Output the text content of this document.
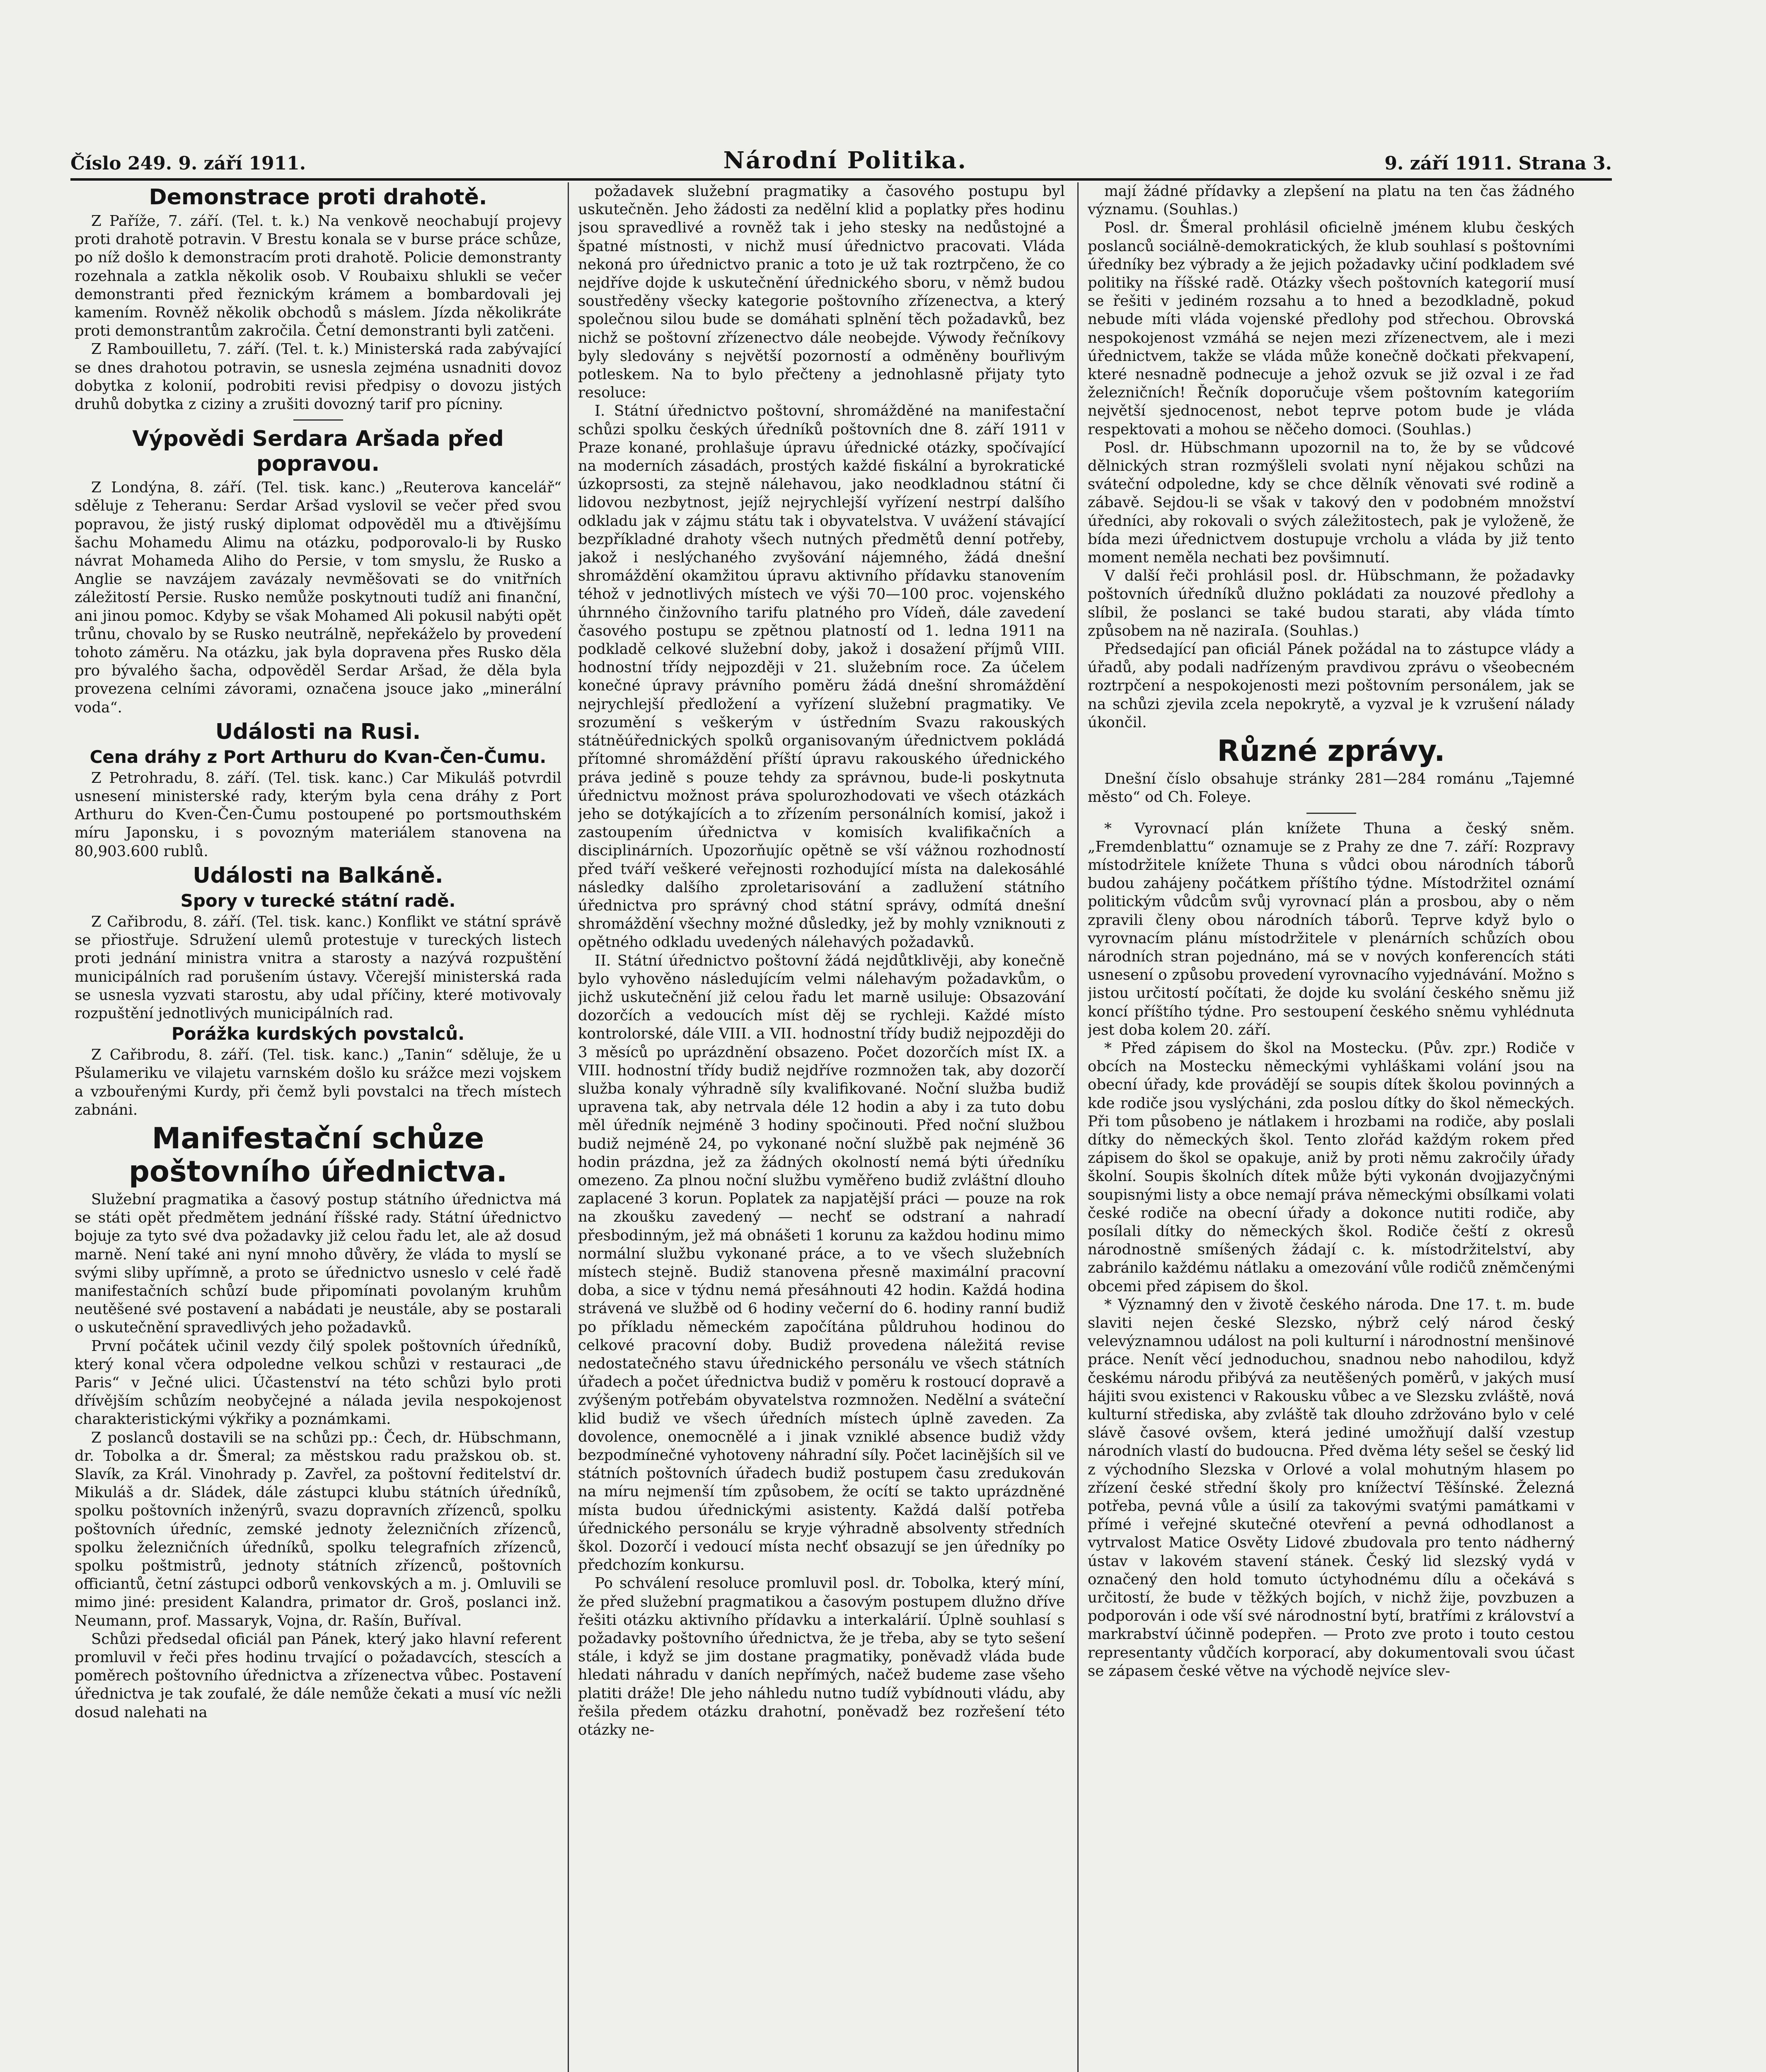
Číslo 249. 9. září 1911.	Národní Politika.	9. září 1911. Strana 3.
Demonstrace proti drahotě.

Z Paříže, 7. září. (Tel. t. k.) Na venkově neochabují projevy proti drahotě potravin. V Brestu konala se v burse práce schůze, po níž došlo k demonstracím proti drahotě. Policie demonstranty rozehnala a zatkla několik osob. V Roubaixu shlukli se večer demonstranti před řeznickým krámem a bombardovali jej kamením. Rovněž několik obchodů s máslem. Jízda několikráte proti demonstrantům zakročila. Četní demonstranti byli zatčeni.

Z Rambouilletu, 7. září. (Tel. t. k.) Ministerská rada zabývající se dnes drahotou potravin, se usnesla zejména usnadniti dovoz dobytka z kolonií, podrobiti revisi předpisy o dovozu jistých druhů dobytka z ciziny a zrušiti dovozný tarif pro pícniny.

Výpovědi Serdara Aršada před popravou.

Z Londýna, 8. září. (Tel. tisk. kanc.) „Reuterova kancelář“ sděluje z Teheranu: Serdar Aršad vyslovil se večer před svou popravou, že jistý ruský diplomat odpověděl mu a ďtivějšímu šachu Mohamedu Alimu na otázku, podporovalo-li by Rusko návrat Mohameda Aliho do Persie, v tom smyslu, že Rusko a Anglie se navzájem zavázaly nevměšovati se do vnitřních záležitostí Persie. Rusko nemůže poskytnouti tudíž ani finanční, ani jinou pomoc. Kdyby se však Mohamed Ali pokusil nabýti opět trůnu, chovalo by se Rusko neutrálně, nepřekáželo by provedení tohoto záměru. Na otázku, jak byla dopravena přes Rusko děla pro bývalého šacha, odpověděl Serdar Aršad, že děla byla provezena celními závorami, označena jsouce jako „minerální voda“.

Události na Rusi.
Cena dráhy z Port Arthuru do Kvan-Čen-Čumu.

Z Petrohradu, 8. září. (Tel. tisk. kanc.) Car Mikuláš potvrdil usnesení ministerské rady, kterým byla cena dráhy z Port Arthuru do Kven-Čen-Čumu postoupené po portsmouthském míru Japonsku, i s povozným materiálem stanovena na 80,903.600 rublů.

Události na Balkáně.
Spory v turecké státní radě.

Z Cařibrodu, 8. září. (Tel. tisk. kanc.) Konflikt ve státní správě se přiostřuje. Sdružení ulemů protestuje v tureckých listech proti jednání ministra vnitra a starosty a nazývá rozpuštění municipálních rad porušením ústavy. Včerejší ministerská rada se usnesla vyzvati starostu, aby udal příčiny, které motivovaly rozpuštění jednotlivých municipálních rad.

Porážka kurdských povstalců.

Z Cařibrodu, 8. září. (Tel. tisk. kanc.) „Tanin“ sděluje, že u Pšulameriku ve vilajetu varnském došlo ku srážce mezi vojskem a vzbouřenými Kurdy, při čemž byli povstalci na třech místech zabnáni.

Manifestační schůze poštovního úřednictva.

Služební pragmatika a časový postup státního úřednictva má se státi opět předmětem jednání říšské rady. Státní úřednictvo bojuje za tyto své dva požadavky již celou řadu let, ale až dosud marně. Není také ani nyní mnoho důvěry, že vláda to myslí se svými sliby upřímně, a proto se úřednictvo usneslo v celé řadě manifestačních schůzí bude připomínati povolaným kruhům neutěšené své postavení a nabádati je neustále, aby se postarali o uskutečnění spravedlivých jeho požadavků.

První počátek učinil vezdy čilý spolek poštovních úředníků, který konal včera odpoledne velkou schůzi v restauraci „de Paris“ v Ječné ulici. Účastenství na této schůzi bylo proti dřívějším schůzím neobyčejné a nálada jevila nespokojenost charakteristickými výkřiky a poznámkami.

Z poslanců dostavili se na schůzi pp.: Čech, dr. Hübschmann, dr. Tobolka a dr. Šmeral; za městskou radu pražskou ob. st. Slavík, za Král. Vinohrady p. Zavřel, za poštovní ředitelství dr. Mikuláš a dr. Sládek, dále zástupci klubu státních úředníků, spolku poštovních inženýrů, svazu dopravních zřízenců, spolku poštovních úředníc, zemské jednoty železničních zřízenců, spolku železničních úředníků, spolku telegrafních zřízenců, spolku poštmistrů, jednoty státních zřízenců, poštovních officiantů, četní zástupci odborů venkovských a m. j. Omluvili se mimo jiné: president Kalandra, primator dr. Groš, poslanci inž. Neumann, prof. Massaryk, Vojna, dr. Rašín, Buříval.

Schůzi předsedal oficiál pan Pánek, který jako hlavní referent promluvil v řeči přes hodinu trvající o požadavcích, stescích a poměrech poštovního úřednictva a zřízenectva vůbec. Postavení úřednictva je tak zoufalé, že dále nemůže čekati a musí víc nežli dosud nalehati na

požadavek služební pragmatiky a časového postupu byl uskutečněn. Jeho žádosti za nedělní klid a poplatky přes hodinu jsou spravedlivé a rovněž tak i jeho stesky na nedůstojné a špatné místnosti, v nichž musí úřednictvo pracovati. Vláda nekoná pro úřednictvo pranic a toto je už tak roztrpčeno, že co nejdříve dojde k uskutečnění úřednického sboru, v němž budou soustředěny všecky kategorie poštovního zřízenectva, a který společnou silou bude se domáhati splnění těch požadavků, bez nichž se poštovní zřízenectvo dále neobejde. Výwody řečníkovy byly sledovány s největší pozorností a odměněny bouřlivým potleskem. Na to bylo přečteny a jednohlasně přijaty tyto resoluce:

I. Státní úřednictvo poštovní, shromážděné na manifestační schůzi spolku českých úředníků poštovních dne 8. září 1911 v Praze konané, prohlašuje úpravu úřednické otázky, spočívající na moderních zásadách, prostých každé fiskální a byrokratické úzkoprsosti, za stejně nálehavou, jako neodkladnou státní či lidovou nezbytnost, jejíž nejrychlejší vyřízení nestrpí dalšího odkladu jak v zájmu státu tak i obyvatelstva. V uvážení stávající bezpříkladné drahoty všech nutných předmětů denní potřeby, jakož i neslýchaného zvyšování nájemného, žádá dnešní shromáždění okamžitou úpravu aktivního přídavku stanovením téhož v jednotlivých místech ve výši 70—100 proc. vojenského úhrnného činžovního tarifu platného pro Vídeň, dále zavedení časového postupu se zpětnou platností od 1. ledna 1911 na podkladě celkové služební doby, jakož i dosažení příjmů VIII. hodnostní třídy nejpozději v 21. služebním roce. Za účelem konečné úpravy právního poměru žádá dnešní shromáždění nejrychlejší předložení a vyřízení služební pragmatiky. Ve srozumění s veškerým v ústředním Svazu rakouských státněúřednických spolků organisovaným úřednictvem pokládá přítomné shromáždění příští úpravu rakouského úřednického práva jedině s pouze tehdy za správnou, bude-li poskytnuta úřednictvu možnost práva spolurozhodovati ve všech otázkách jeho se dotýkajících a to zřízením personálních komisí, jakož i zastoupením úřednictva v komisích kvalifikačních a disciplinárních. Upozorňujíc opětně se vší vážnou rozhodností před tváří veškeré veřejnosti rozhodující místa na dalekosáhlé následky dalšího zproletarisování a zadlužení státního úřednictva pro správný chod státní správy, odmítá dnešní shromáždění všechny možné důsledky, jež by mohly vzniknouti z opětného odkladu uvedených nálehavých požadavků.

II. Státní úřednictvo poštovní žádá nejdůtklivěji, aby konečně bylo vyhověno následujícím velmi nálehavým požadavkům, o jichž uskutečnění již celou řadu let marně usiluje: Obsazování dozorčích a vedoucích míst děj se rychleji. Každé místo kontrolorské, dále VIII. a VII. hodnostní třídy budiž nejpozději do 3 měsíců po uprázdnění obsazeno. Počet dozorčích míst IX. a VIII. hodnostní třídy budiž nejdříve rozmnožen tak, aby dozorčí služba konaly výhradně síly kvalifikované. Noční služba budiž upravena tak, aby netrvala déle 12 hodin a aby i za tuto dobu měl úředník nejméně 3 hodiny spočinouti. Před noční službou budiž nejméně 24, po vykonané noční službě pak nejméně 36 hodin prázdna, jež za žádných okolností nemá býti úředníku omezeno. Za plnou noční službu vyměřeno budiž zvláštní dlouho zaplacené 3 korun. Poplatek za napjatější práci — pouze na rok na zkoušku zavedený — nechť se odstraní a nahradí přesbodinným, jež má obnášeti 1 korunu za každou hodinu mimo normální službu vykonané práce, a to ve všech služebních místech stejně. Budiž stanovena přesně maximální pracovní doba, a sice v týdnu nemá přesáhnouti 42 hodin. Každá hodina strávená ve službě od 6 hodiny večerní do 6. hodiny ranní budiž po příkladu německém započítána půldruhou hodinou do celkové pracovní doby. Budiž provedena náležitá revise nedostatečného stavu úřednického personálu ve všech státních úřadech a počet úřednictva budiž v poměru k rostoucí dopravě a zvýšeným potřebám obyvatelstva rozmnožen. Nedělní a sváteční klid budiž ve všech úředních místech úplně zaveden. Za dovolence, onemocnělé a i jinak vzniklé absence budiž vždy bezpodmínečné vyhotoveny náhradní síly. Počet lacinějších sil ve státních poštovních úřadech budiž postupem času zredukován na míru nejmenší tím způsobem, že ocítí se takto uprázdněné místa budou úřednickými asistenty. Každá další potřeba úřednického personálu se kryje výhradně absolventy středních škol. Dozorčí i vedoucí místa nechť obsazují se jen úředníky po předchozím konkursu.

Po schválení resoluce promluvil posl. dr. Tobolka, který míní, že před služební pragmatikou a časovým postupem dlužno dříve řešiti otázku aktivního přídavku a interkalárií. Úplně souhlasí s požadavky poštovního úřednictva, že je třeba, aby se tyto sešení stále, i když se jim dostane pragmatiky, poněvadž vláda bude hledati náhradu v daních nepřímých, načež budeme zase všeho platiti dráže! Dle jeho náhledu nutno tudíž vybídnouti vládu, aby řešila předem otázku drahotní, poněvadž bez rozřešení této otázky ne-

mají žádné přídavky a zlepšení na platu na ten čas žádného významu. (Souhlas.)

Posl. dr. Šmeral prohlásil oficielně jménem klubu českých poslanců sociálně-demokratických, že klub souhlasí s poštovními úředníky bez výbrady a že jejich požadavky učiní podkladem své politiky na říšské radě. Otázky všech poštovních kategorií musí se řešiti v jediném rozsahu a to hned a bezodkladně, pokud nebude míti vláda vojenské předlohy pod střechou. Obrovská nespokojenost vzmáhá se nejen mezi zřízenectvem, ale i mezi úřednictvem, takže se vláda může konečně dočkati překvapení, které nesnadně podnecuje a jehož ozvuk se již ozval i ze řad železničních! Řečník doporučuje všem poštovním kategoriím největší sjednocenost, nebot teprve potom bude je vláda respektovati a mohou se něčeho domoci. (Souhlas.)

Posl. dr. Hübschmann upozornil na to, že by se vůdcové dělnických stran rozmýšleli svolati nyní nějakou schůzi na sváteční odpoledne, kdy se chce dělník věnovati své rodině a zábavě. Sejdou-li se však v takový den v podobném množství úředníci, aby rokovali o svých záležitostech, pak je vyloženě, že bída mezi úřednictvem dostupuje vrcholu a vláda by již tento moment neměla nechati bez povšimnutí.

V další řeči prohlásil posl. dr. Hübschmann, že požadavky poštovních úředníků dlužno pokládati za nouzové předlohy a slíbil, že poslanci se také budou starati, aby vláda tímto způsobem na ně naziraIa. (Souhlas.)

Předsedající pan oficiál Pánek požádal na to zástupce vlády a úřadů, aby podali nadřízeným pravdivou zprávu o všeobecném roztrpčení a nespokojenosti mezi poštovním personálem, jak se na schůzi zjevila zcela nepokrytě, a vyzval je k vzrušení nálady úkončil.

Různé zprávy.

Dnešní číslo obsahuje stránky 281—284 románu „Tajemné město“ od Ch. Foleye.

* Vyrovnací plán knížete Thuna a český sněm. „Fremdenblattu“ oznamuje se z Prahy ze dne 7. září: Rozpravy místodržitele knížete Thuna s vůdci obou národních táborů budou zahájeny počátkem příštího týdne. Místodržitel oznámí politickým vůdcům svůj vyrovnací plán a prosbou, aby o něm zpravili členy obou národních táborů. Teprve když bylo o vyrovnacím plánu místodržitele v plenárních schůzích obou národních stran pojednáno, má se v nových konferencích státi usnesení o způsobu provedení vyrovnacího vyjednávání. Možno s jistou určitostí počítati, že dojde ku svolání českého sněmu již koncí příštího týdne. Pro sestoupení českého sněmu vyhlédnuta jest doba kolem 20. září.

* Před zápisem do škol na Mostecku. (Pův. zpr.) Rodiče v obcích na Mostecku německými vyhláškami volání jsou na obecní úřady, kde provádějí se soupis dítek školou povinných a kde rodiče jsou vyslýcháni, zda poslou dítky do škol německých. Při tom působeno je nátlakem i hrozbami na rodiče, aby poslali dítky do německých škol. Tento zlořád každým rokem před zápisem do škol se opakuje, aniž by proti němu zakročily úřady školní. Soupis školních dítek může býti vykonán dvojjazyčnými soupisnými listy a obce nemají práva německými obsílkami volati české rodiče na obecní úřady a dokonce nutiti rodiče, aby posílali dítky do německých škol. Rodiče čeští z okresů národnostně smíšených žádají c. k. místodržitelství, aby zabránilo každému nátlaku a omezování vůle rodičů zněmčenými obcemi před zápisem do škol.

* Významný den v životě českého národa. Dne 17. t. m. bude slaviti nejen české Slezsko, nýbrž celý národ český velevýznamnou událost na poli kulturní i národnostní menšinové práce. Nenít věcí jednoduchou, snadnou nebo nahodilou, když českému národu přibývá za neutěšených poměrů, v jakých musí hájiti svou existenci v Rakousku vůbec a ve Slezsku zvláště, nová kulturní střediska, aby zvláště tak dlouho zdržováno bylo v celé slávě časové ovšem, která jediné umožňují další vzestup národních vlastí do budoucna. Před dvěma léty sešel se český lid z východního Slezska v Orlové a volal mohutným hlasem po zřízení české střední školy pro knížectví Těšínské. Železná potřeba, pevná vůle a úsilí za takovými svatými památkami v přímé i veřejné skutečné otevření a pevná odhodlanost a vytrvalost Matice Osvěty Lidové zbudovala pro tento nádherný ústav v lakovém stavení stánek. Český lid slezský vydá v označený den hold tomuto úctyhodnému dílu a očekává s určitostí, že bude v těžkých bojích, v nichž žije, povzbuzen a podporován i ode vší své národnostní bytí, bratřími z království a markrabství účinně podepřen. — Proto zve proto i touto cestou representanty vůdčích korporací, aby dokumentovali svou účast se zápasem české větve na východě nejvíce slev-
